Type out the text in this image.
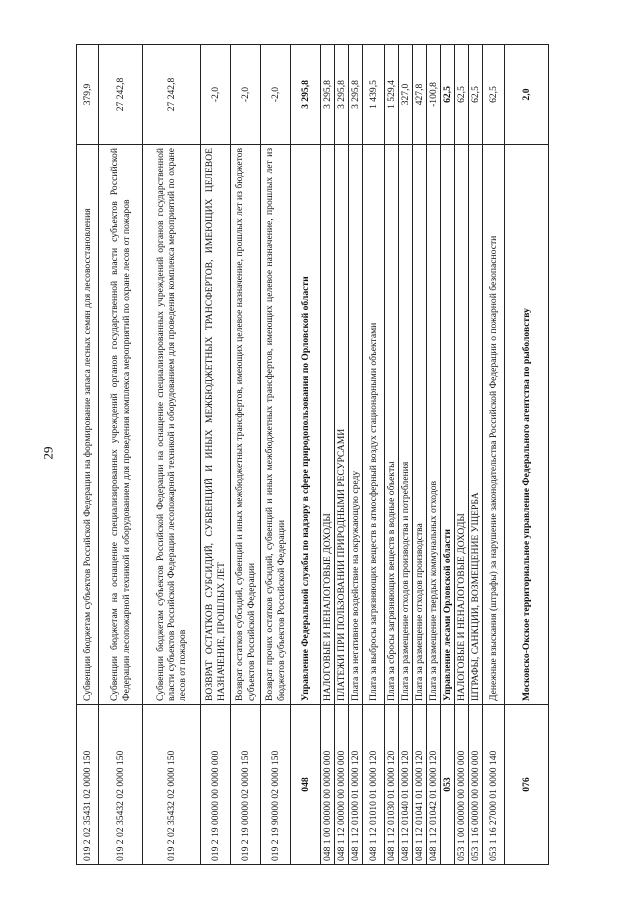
29
019 2 02 35431 02 0000 150	Субвенции бюджетам субъектов Российской Федерации на формирование запаса лесных семян для лесовосстановления	379,9
019 2 02 35432 02 0000 150	Субвенции бюджетам на оснащение специализированных учреждений органов государственной власти субъектов Российской Федерации лесопожарной техникой и оборудованием для проведения комплекса мероприятий по охране лесов от пожаров	27 242,8
019 2 02 35432 02 0000 150	Субвенции бюджетам субъектов Российской Федерации на оснащение специализированных учреждений органов государственной власти субъектов Российской Федерации лесопожарной техникой и оборудованием для проведения комплекса мероприятий по охране лесов от пожаров	27 242,8
019 2 19 00000 00 0000 000	ВОЗВРАТ ОСТАТКОВ СУБСИДИЙ, СУБВЕНЦИЙ И ИНЫХ МЕЖБЮДЖЕТНЫХ ТРАНСФЕРТОВ, ИМЕЮЩИХ ЦЕЛЕВОЕ НАЗНАЧЕНИЕ, ПРОШЛЫХ ЛЕТ	-2,0
019 2 19 00000 02 0000 150	Возврат остатков субсидий, субвенций и иных межбюджетных трансфертов, имеющих целевое назначение, прошлых лет из бюджетов субъектов Российской Федерации	-2,0
019 2 19 90000 02 0000 150	Возврат прочих остатков субсидий, субвенций и иных межбюджетных трансфертов, имеющих целевое назначение, прошлых лет из бюджетов субъектов Российской Федерации	-2,0
048	Управление Федеральной службы по надзору в сфере природопользования по Орловской области	3 295,8
048 1 00 00000 00 0000 000	НАЛОГОВЫЕ И НЕНАЛОГОВЫЕ ДОХОДЫ	3 295,8
048 1 12 00000 00 0000 000	ПЛАТЕЖИ ПРИ ПОЛЬЗОВАНИИ ПРИРОДНЫМИ РЕСУРСАМИ	3 295,8
048 1 12 01000 01 0000 120	Плата за негативное воздействие на окружающую среду	3 295,8
048 1 12 01010 01 0000 120	Плата за выбросы загрязняющих веществ в атмосферный воздух стационарными объектами	1 439,5
048 1 12 01030 01 0000 120	Плата за сбросы загрязняющих веществ в водные объекты	1 529,4
048 1 12 01040 01 0000 120	Плата за размещение отходов производства и потребления	327,0
048 1 12 01041 01 0000 120	Плата за размещение отходов производства	427,8
048 1 12 01042 01 0000 120	Плата за размещение твердых коммунальных отходов	-100,8
053	Управление лесами Орловской области	62,5
053 1 00 00000 00 0000 000	НАЛОГОВЫЕ И НЕНАЛОГОВЫЕ ДОХОДЫ	62,5
053 1 16 00000 00 0000 000	ШТРАФЫ, САНКЦИИ, ВОЗМЕЩЕНИЕ УЩЕРБА	62,5
053 1 16 27000 01 0000 140	Денежные взыскания (штрафы) за нарушение законодательства Российской Федерации о пожарной безопасности	62,5
076	Московско-Окское территориальное управление Федерального агентства по рыболовству	2,0
